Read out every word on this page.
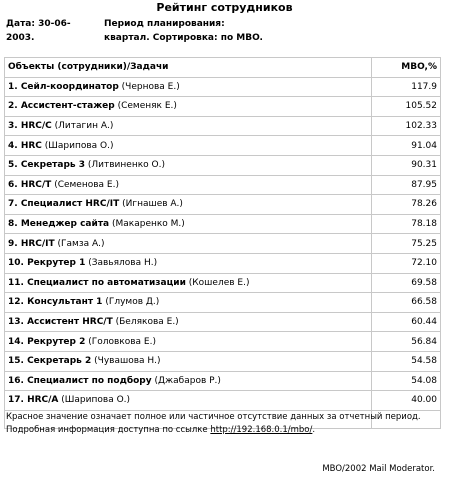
Рейтинг сотрудников
Дата: 30-06-
2003.
Период планирования:
квартал. Сортировка: по MBO.
Объекты (сотрудники)/Задачи	MBO,%
1. Сейл-координатор (Чернова Е.)	117.9
2. Ассистент-стажер (Семеняк Е.)	105.52
3. HRC/C (Литагин А.)	102.33
4. HRC (Шарипова О.)	91.04
5. Секретарь 3 (Литвиненко О.)	90.31
6. HRC/T (Семенова Е.)	87.95
7. Специалист HRC/IT (Игнашев А.)	78.26
8. Менеджер сайта (Макаренко М.)	78.18
9. HRC/IT (Гамза А.)	75.25
10. Рекрутер 1 (Завьялова Н.)	72.10
11. Специалист по автоматизации (Кошелев Е.)	69.58
12. Консультант 1 (Глумов Д.)	66.58
13. Ассистент HRC/T (Белякова Е.)	60.44
14. Рекрутер 2 (Головкова Е.)	56.84
15. Секретарь 2 (Чувашова Н.)	54.58
16. Специалист по подбору (Джабаров Р.)	54.08
17. HRC/A (Шарипова О.)	40.00

Красное значение означает полное или частичное отсутствие данных за отчетный период.

Подробная информация доступна по ссылке http://192.168.0.1/mbo/.

MBO/2002 Mail Moderator.
